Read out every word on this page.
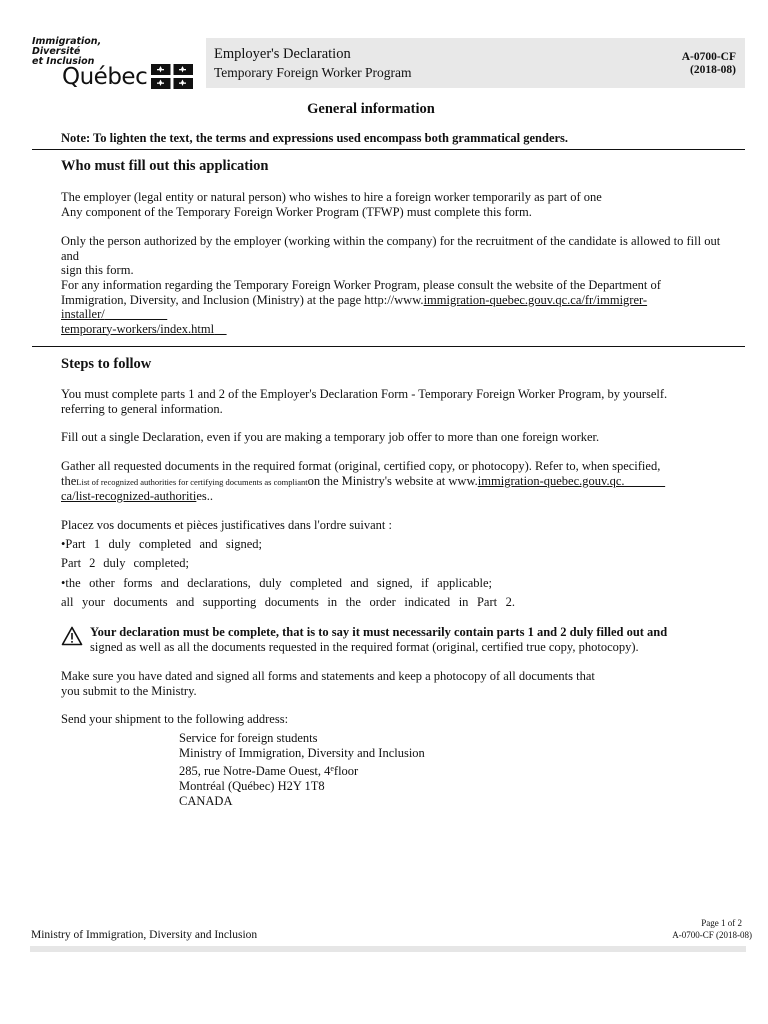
Immigration,
Diversité
et Inclusion
Québec
Employer's Declaration
Temporary Foreign Worker Program
A-0700-CF
(2018-08)
General information
Note: To lighten the text, the terms and expressions used encompass both grammatical genders.
Who must fill out this application

The employer (legal entity or natural person) who wishes to hire a foreign worker temporarily as part of one

Any component of the Temporary Foreign Worker Program (TFWP) must complete this form.

Only the person authorized by the employer (working within the company) for the recruitment of the candidate is allowed to fill out and

sign this form.

For any information regarding the Temporary Foreign Worker Program, please consult the website of the Department of

Immigration, Diversity, and Inclusion (Ministry) at the page http://www.immigration-quebec.gouv.qc.ca/fr/immigrer-installer/

temporary-workers/index.html

Steps to follow

You must complete parts 1 and 2 of the Employer's Declaration Form - Temporary Foreign Worker Program, by yourself.

referring to general information.

Fill out a single Declaration, even if you are making a temporary job offer to more than one foreign worker.

Gather all requested documents in the required format (original, certified copy, or photocopy). Refer to, when specified,

theList of recognized authorities for certifying documents as complianton the Ministry's website at www.immigration-quebec.gouv.qc.

ca/list-recognized-authorities..

Placez vos documents et pièces justificatives dans l'ordre suivant :
•Part 1 duly completed and signed;
Part 2 duly completed;
•the other forms and declarations, duly completed and signed, if applicable;
all your documents and supporting documents in the order indicated in Part 2.
Your declaration must be complete, that is to say it must necessarily contain parts 1 and 2 duly filled out and
signed as well as all the documents requested in the required format (original, certified true copy, photocopy).

Make sure you have dated and signed all forms and statements and keep a photocopy of all documents that

you submit to the Ministry.

Send your shipment to the following address:

Service for foreign students

Ministry of Immigration, Diversity and Inclusion

285, rue Notre-Dame Ouest, 4efloor

Montréal (Québec) H2Y 1T8

CANADA

Page 1 of 2
A-0700-CF (2018-08)
Ministry of Immigration, Diversity and Inclusion
